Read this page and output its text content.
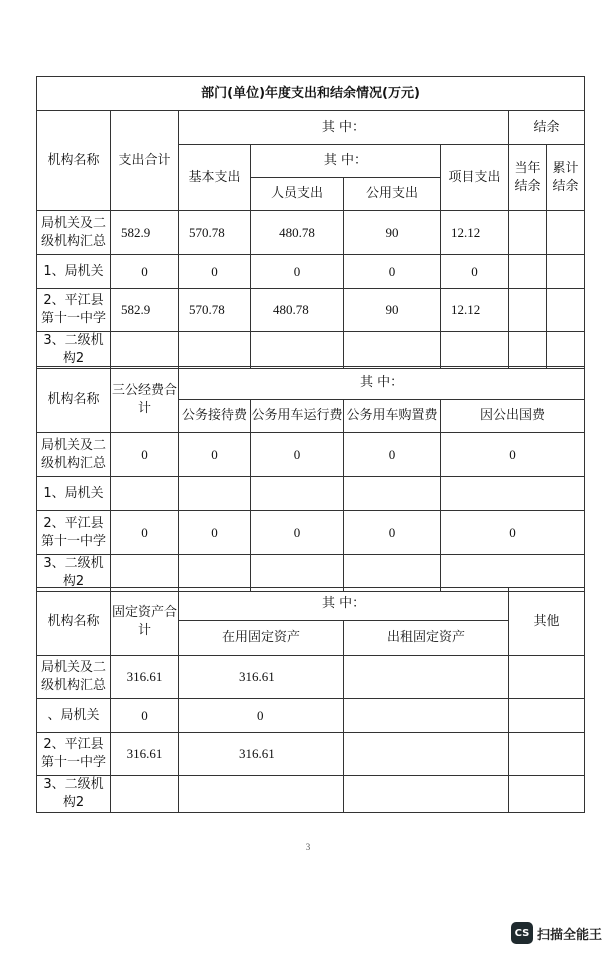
部门(单位)年度支出和结余情况(万元)							
机构名称	支出合计	其 中：				结余	
		基本支出	其 中：		项目支出	当年结余	累计结余
			人员支出	公用支出			
局机关及二级机构汇总	582.9	570.78	480.78	90	12.12		

1、局机关	0	0	0	0	0		
2、平江县第十一中学	582.9	570.78	480.78	90	12.12		

3、二级机构2							
机构名称	三公经费合计	其 中：			
		公务接待费	公务用车运行费	公务用车购置费	因公出国费
局机关及二级机构汇总	0	0	0	0	0
1、局机关					
2、平江县第十一中学	0	0	0	0	0
3、二级机构2					
机构名称	固定资产合计	其 中：		其他
		在用固定资产	出租固定资产	
局机关及二级机构汇总	316.61	316.61		

、局机关	0	0		

2、平江县第十一中学	316.61	316.61		

3、二级机构2				
3
CS 扫描全能王
